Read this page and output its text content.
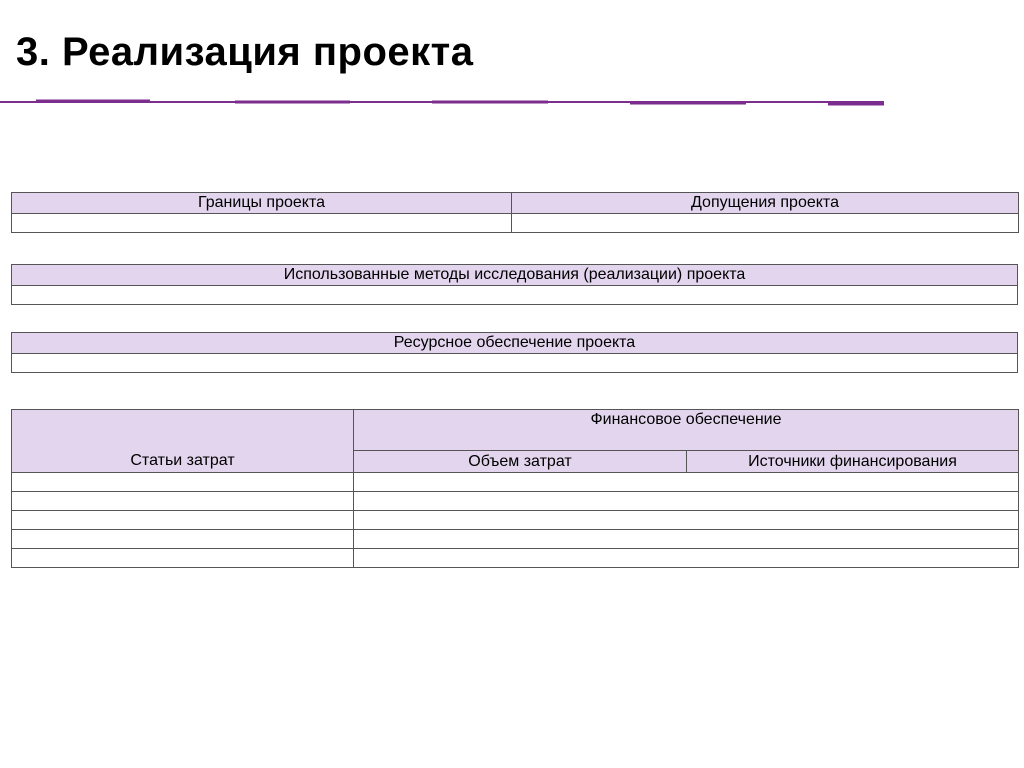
3. Реализация проекта
Границы проекта	Допущения проекта

Использованные методы исследования (реализации) проекта

Ресурсное обеспечение проекта

	Финансовое обеспечение	
Статьи затрат	Объем затрат	Источники финансирования
